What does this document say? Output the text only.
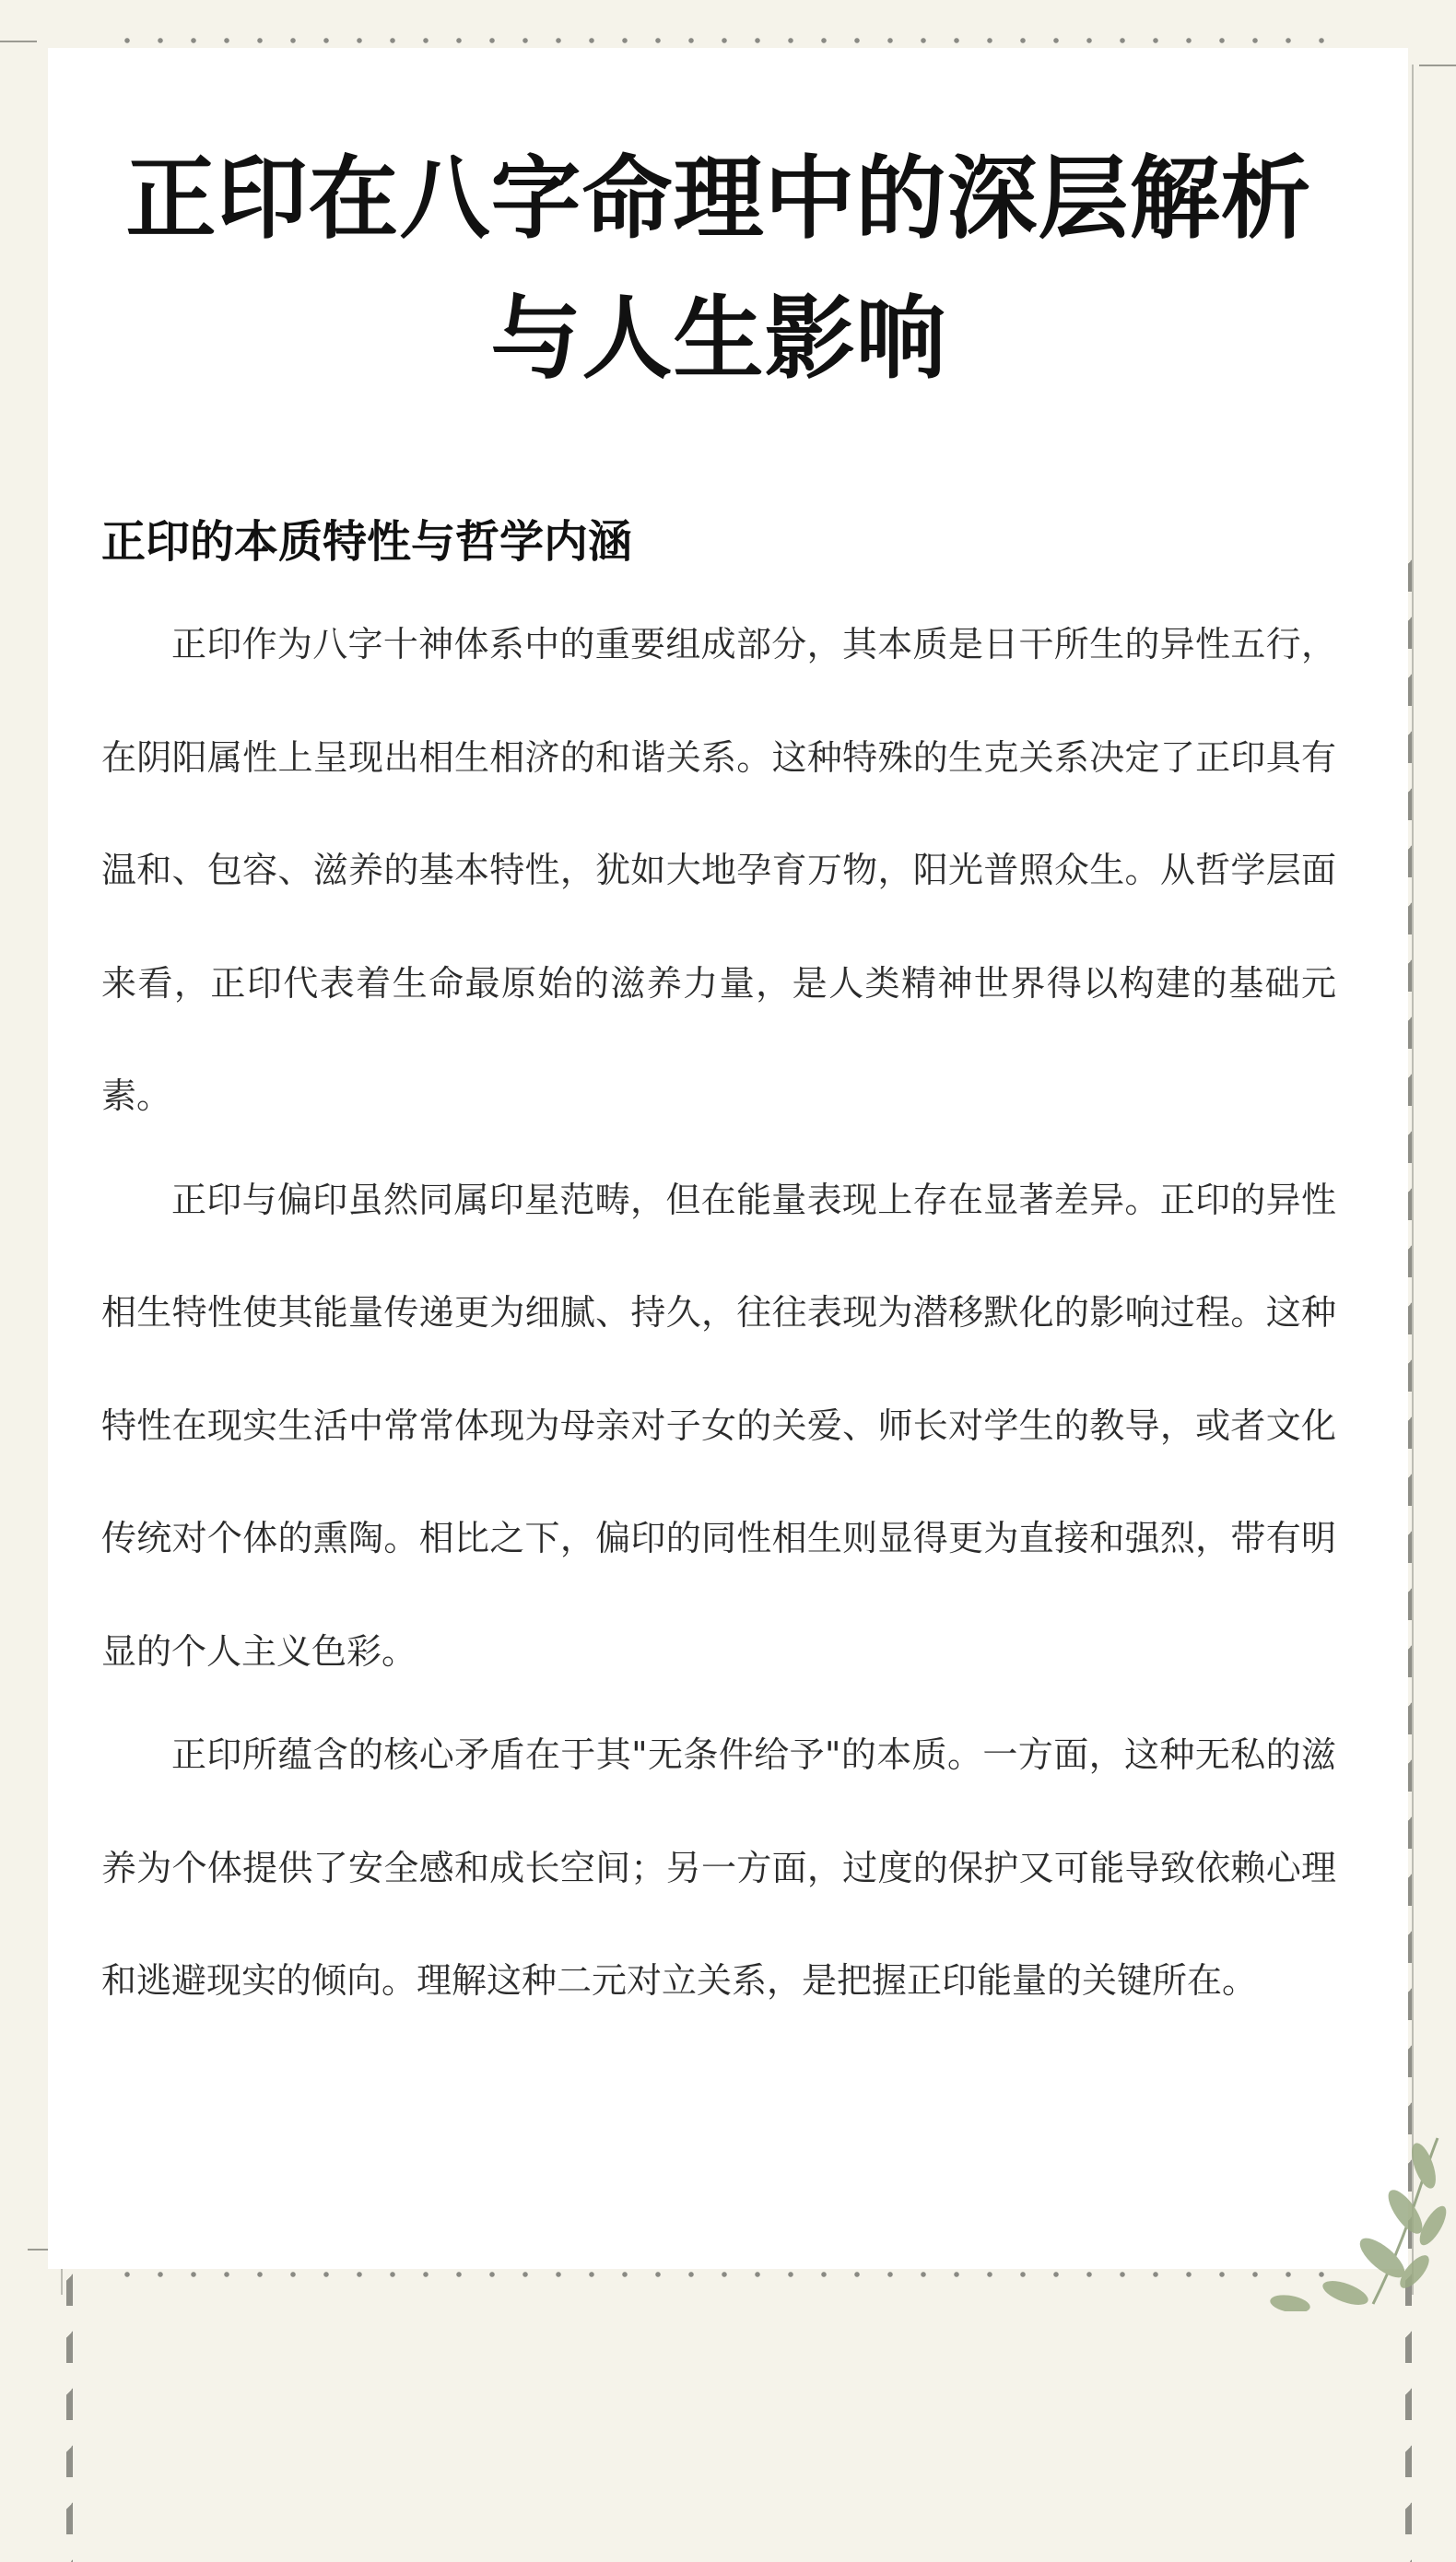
正印在八字命理中的深层解析
与人生影响
正印的本质特性与哲学内涵

正印作为八字十神体系中的重要组成部分，其本质是日干所生的异性五行，在阴阳属性上呈现出相生相济的和谐关系。这种特殊的生克关系决定了正印具有温和、包容、滋养的基本特性，犹如大地孕育万物，阳光普照众生。从哲学层面来看，正印代表着生命最原始的滋养力量，是人类精神世界得以构建的基础元素。

正印与偏印虽然同属印星范畴，但在能量表现上存在显著差异。正印的异性相生特性使其能量传递更为细腻、持久，往往表现为潜移默化的影响过程。这种特性在现实生活中常常体现为母亲对子女的关爱、师长对学生的教导，或者文化传统对个体的熏陶。相比之下，偏印的同性相生则显得更为直接和强烈，带有明显的个人主义色彩。

正印所蕴含的核心矛盾在于其"无条件给予"的本质。一方面，这种无私的滋养为个体提供了安全感和成长空间；另一方面，过度的保护又可能导致依赖心理和逃避现实的倾向。理解这种二元对立关系，是把握正印能量的关键所在。
